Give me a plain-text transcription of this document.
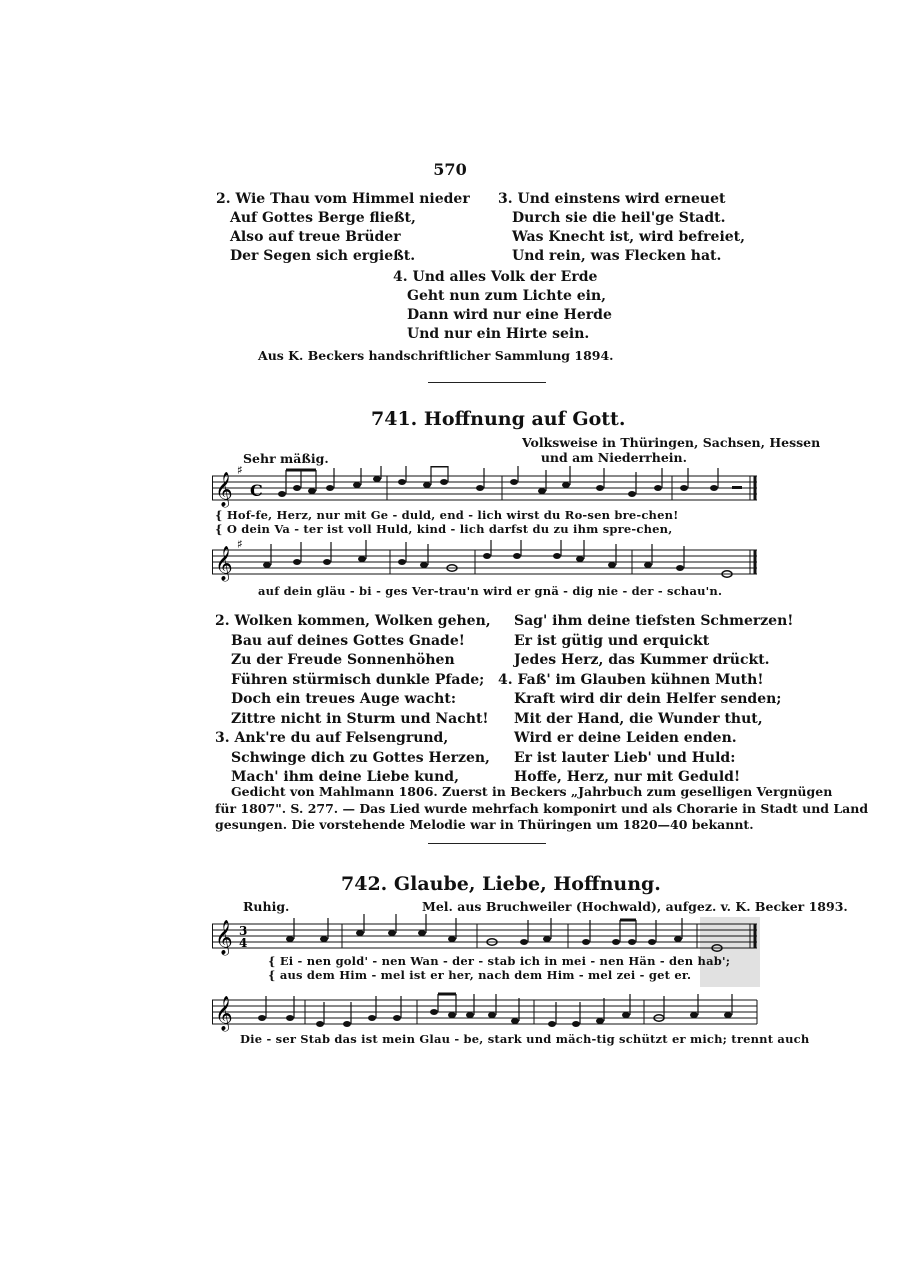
570
2. Wie Thau vom Himmel nieder
Auf Gottes Berge fließt,
Also auf treue Brüder
Der Segen sich ergießt.
3. Und einstens wird erneuet
Durch sie die heil'ge Stadt.
Was Knecht ist, wird befreiet,
Und rein, was Flecken hat.
4. Und alles Volk der Erde
Geht nun zum Lichte ein,
Dann wird nur eine Herde
Und nur ein Hirte sein.
Aus K. Beckers handschriftlicher Sammlung 1894.
741. Hoffnung auf Gott.
Volksweise in Thüringen, Sachsen, Hessen
und am Niederrhein.
Sehr mäßig.
𝄞
♯
C
{ Hof-fe, Herz, nur mit Ge - duld, end - lich wirst du Ro-sen bre-chen!
{ O dein Va - ter ist voll Huld, kind - lich darfst du zu ihm spre-chen,
𝄞
♯
auf dein gläu - bi - ges Ver-trau'n wird er gnä - dig nie - der - schau'n.
2. Wolken kommen, Wolken gehen,
Bau auf deines Gottes Gnade!
Zu der Freude Sonnenhöhen
Führen stürmisch dunkle Pfade;
Doch ein treues Auge wacht:
Zittre nicht in Sturm und Nacht!
3. Ank're du auf Felsengrund,
Schwinge dich zu Gottes Herzen,
Mach' ihm deine Liebe kund,
Sag' ihm deine tiefsten Schmerzen!
Er ist gütig und erquickt
Jedes Herz, das Kummer drückt.
4. Faß' im Glauben kühnen Muth!
Kraft wird dir dein Helfer senden;
Mit der Hand, die Wunder thut,
Wird er deine Leiden enden.
Er ist lauter Lieb' und Huld:
Hoffe, Herz, nur mit Geduld!
Gedicht von Mahlmann 1806. Zuerst in Beckers „Jahrbuch zum geselligen Vergnügen
für 1807". S. 277. — Das Lied wurde mehrfach komponirt und als Chorarie in Stadt und Land
gesungen. Die vorstehende Melodie war in Thüringen um 1820—40 bekannt.
742. Glaube, Liebe, Hoffnung.
Ruhig.	Mel. aus Bruchweiler (Hochwald), aufgez. v. K. Becker 1893.
𝄞 3
4
{ Ei - nen gold' - nen Wan - der - stab ich in mei - nen Hän - den hab';
{ aus dem Him - mel ist er her, nach dem Him - mel zei - get er.
𝄞
Die - ser Stab das ist mein Glau - be, stark und mäch-tig schützt er mich; trennt auch
